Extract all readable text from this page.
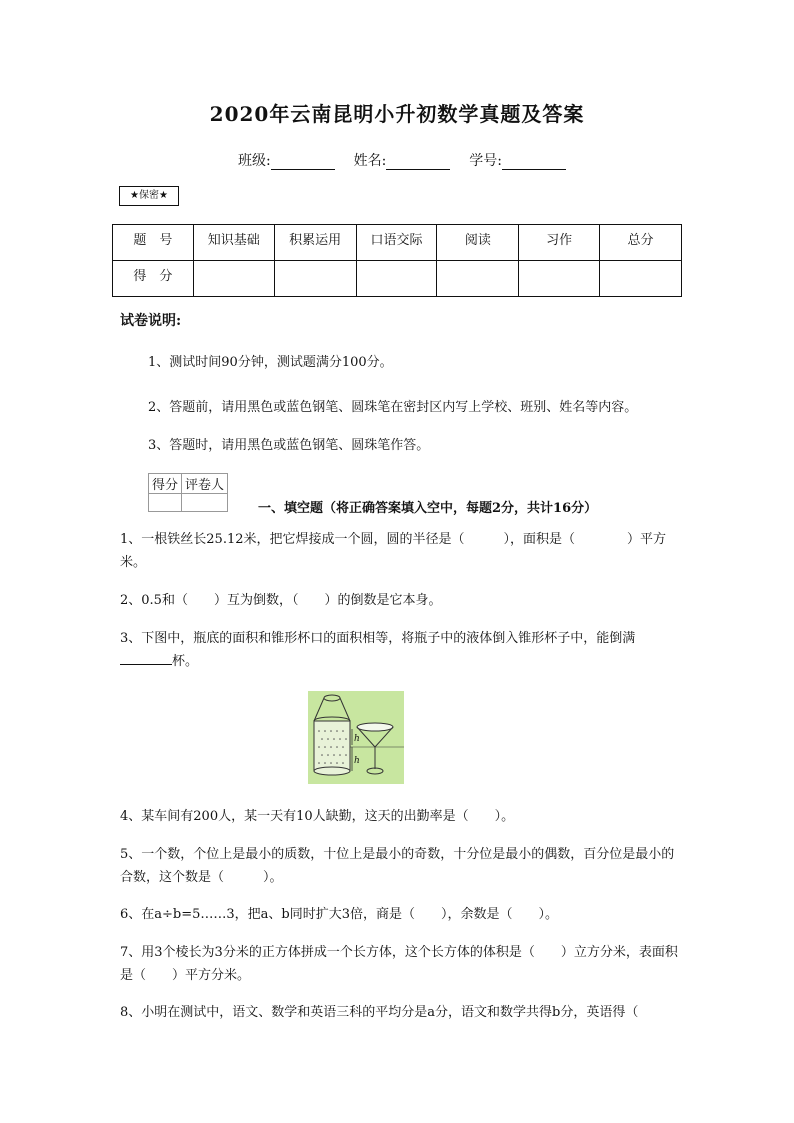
2020年云南昆明小升初数学真题及答案
班级:	姓名:	学号:
★保密★
题　号	知识基础	积累运用	口语交际	阅读	习作	总分
得　分						
试卷说明:
1、测试时间90分钟，测试题满分100分。
2、答题前，请用黑色或蓝色钢笔、圆珠笔在密封区内写上学校、班别、姓名等内容。
3、答题时，请用黑色或蓝色钢笔、圆珠笔作答。
得分	评卷人

一、填空题（将正确答案填入空中，每题2分，共计16分）
1、一根铁丝长25.12米，把它焊接成一个圆，圆的半径是（　　　），面积是（　　　　）平方米。
2、0.5和（　　）互为倒数，（　　）的倒数是它本身。
3、下图中，瓶底的面积和锥形杯口的面积相等，将瓶子中的液体倒入锥形杯子中，能倒满
杯。
h
h
4、某车间有200人，某一天有10人缺勤，这天的出勤率是（　　）。
5、一个数，个位上是最小的质数，十位上是最小的奇数，十分位是最小的偶数，百分位是最小的合数，这个数是（　　　）。
6、在a÷b=5……3，把a、b同时扩大3倍，商是（　　），余数是（　　）。
7、用3个棱长为3分米的正方体拼成一个长方体，这个长方体的体积是（　　）立方分米，表面积是（　　）平方分米。
8、小明在测试中，语文、数学和英语三科的平均分是a分，语文和数学共得b分，英语得（
